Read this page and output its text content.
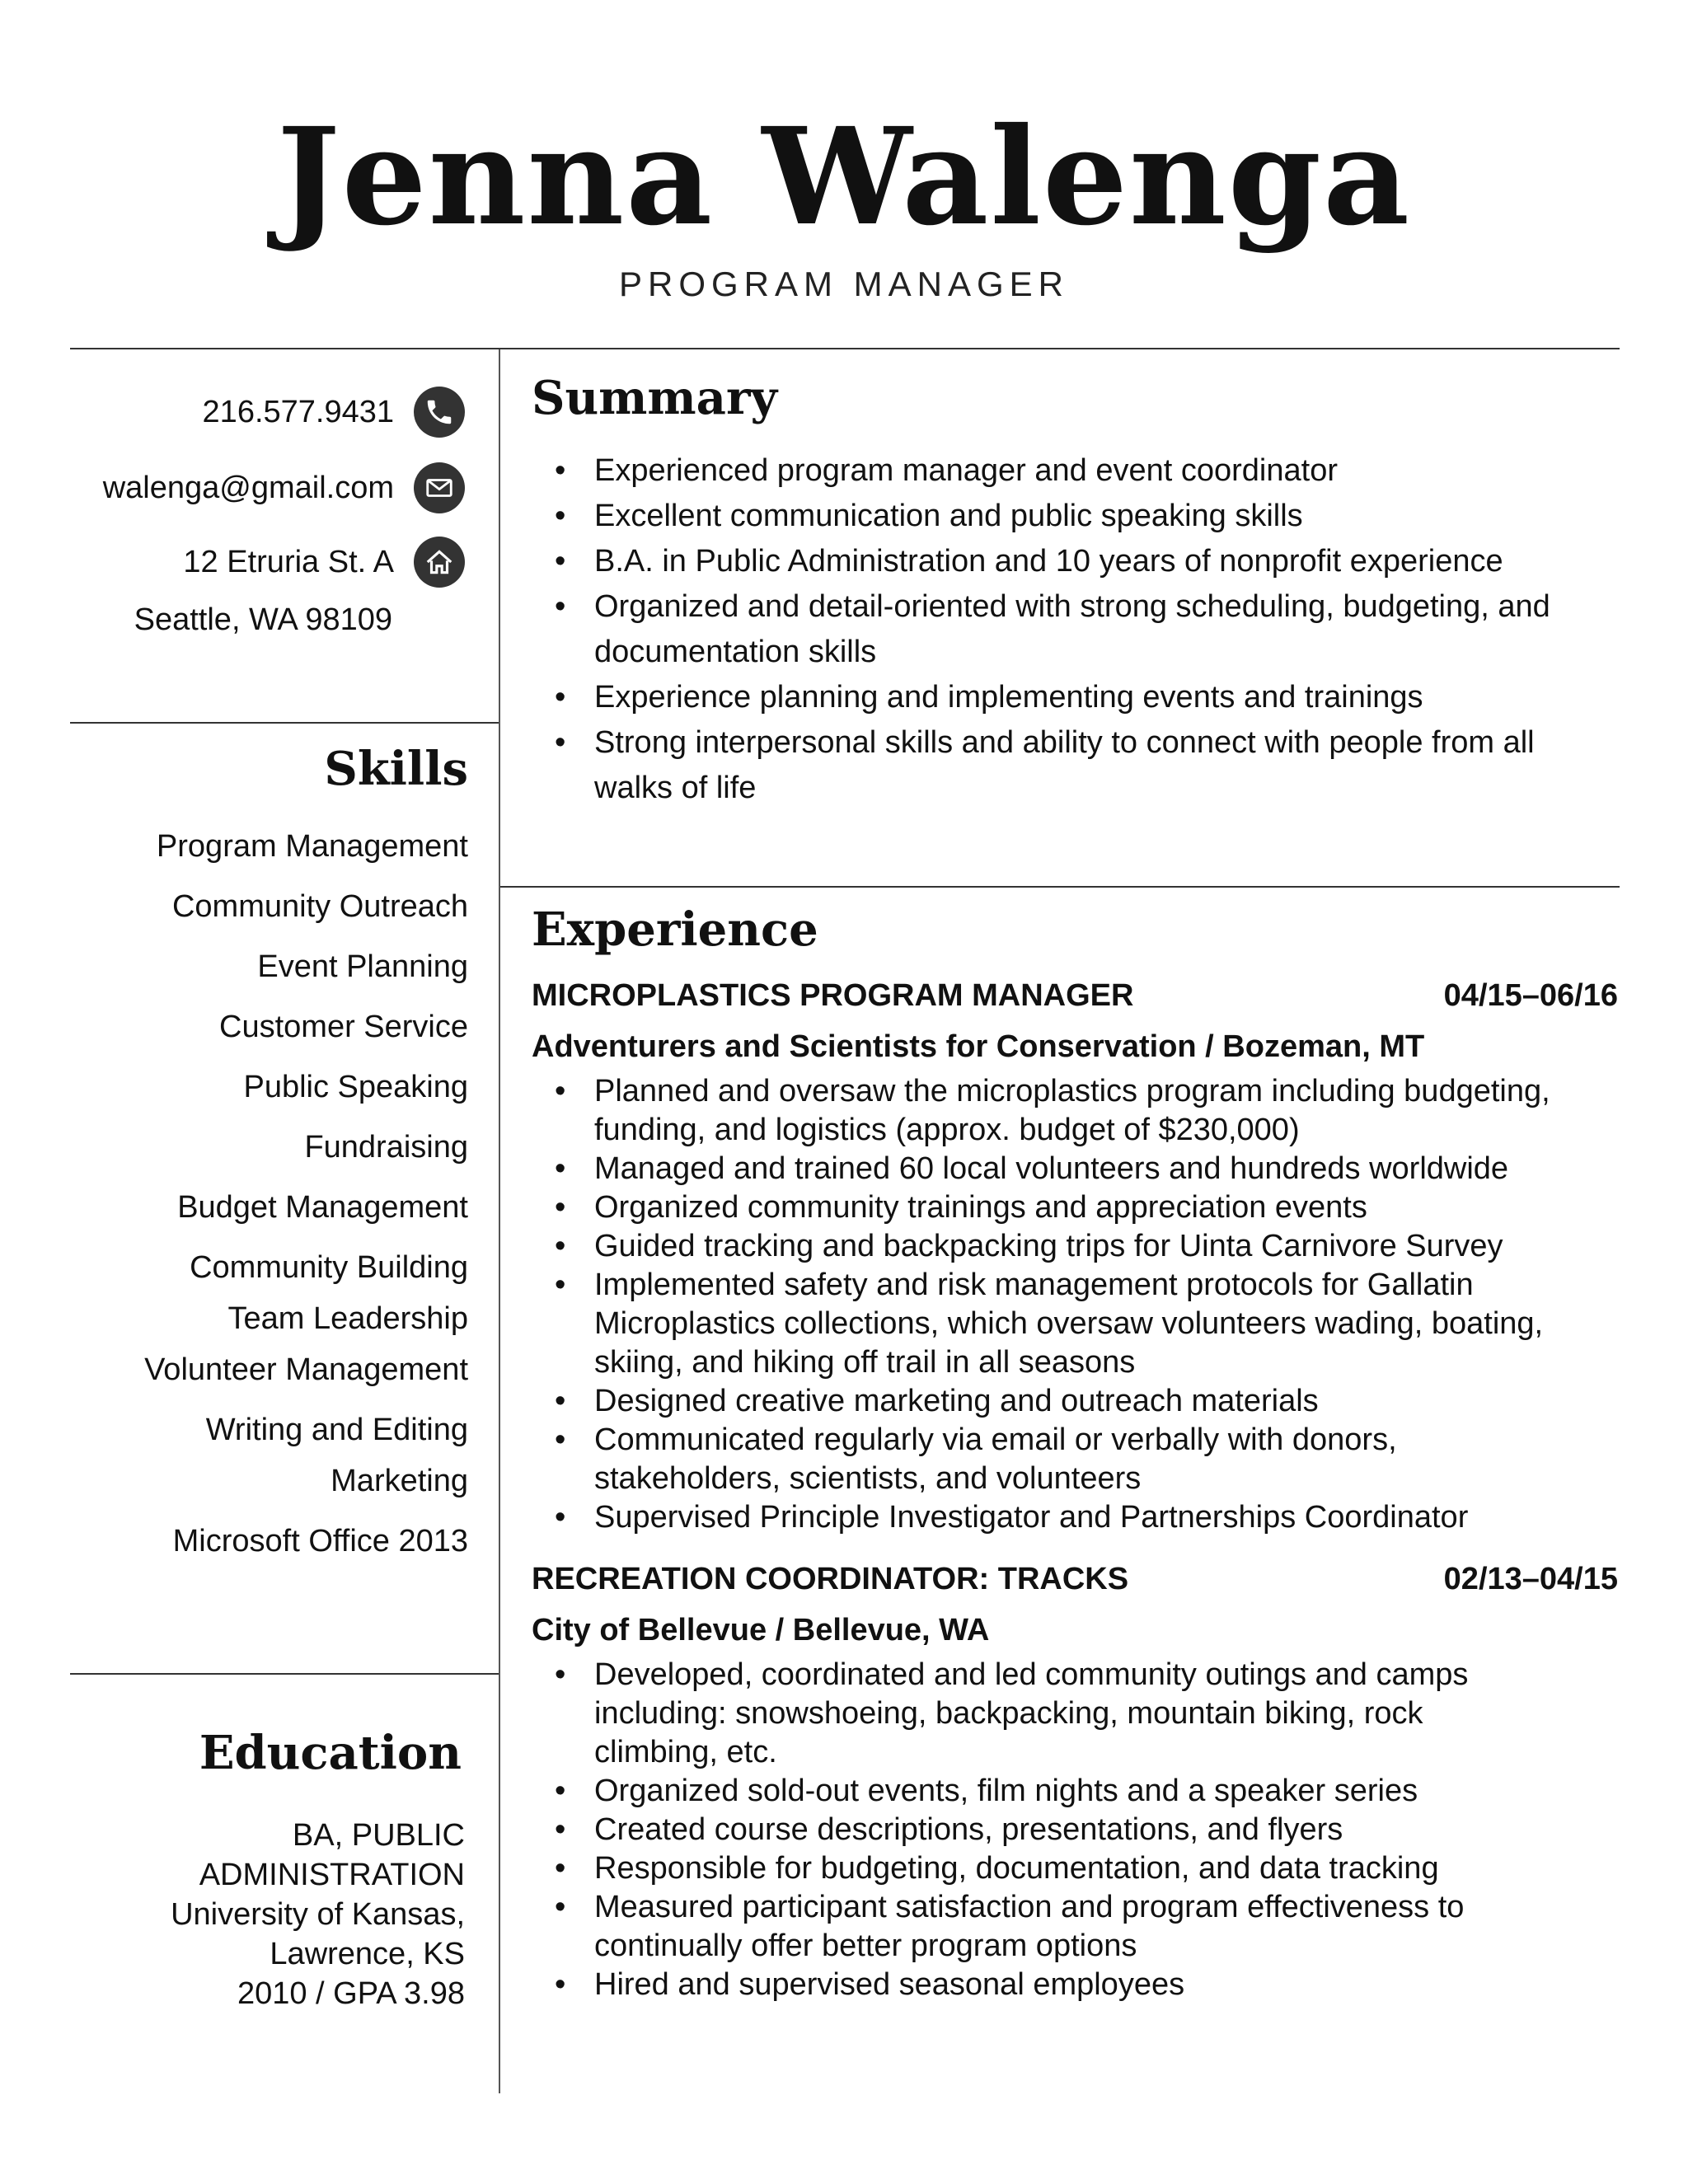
Jenna Walenga
PROGRAM MANAGER
216.577.9431
walenga@gmail.com
12 Etruria St. A
Seattle, WA 98109
Skills
Program Management
Community Outreach
Event Planning
Customer Service
Public Speaking
Fundraising
Budget Management
Community Building
Team Leadership
Volunteer Management
Writing and Editing
Marketing
Microsoft Office 2013
Education
BA, PUBLIC
ADMINISTRATION
University of Kansas,
Lawrence, KS
2010 / GPA 3.98
Summary
• Experienced program manager and event coordinator
• Excellent communication and public speaking skills
• B.A. in Public Administration and 10 years of nonprofit experience
• Organized and detail-oriented with strong scheduling, budgeting, and documentation skills
• Experience planning and implementing events and trainings
• Strong interpersonal skills and ability to connect with people from all walks of life
Experience
MICROPLASTICS PROGRAM MANAGER	04/15–06/16
Adventurers and Scientists for Conservation / Bozeman, MT
• Planned and oversaw the microplastics program including budgeting, funding, and logistics (approx. budget of $230,000)
• Managed and trained 60 local volunteers and hundreds worldwide
• Organized community trainings and appreciation events
• Guided tracking and backpacking trips for Uinta Carnivore Survey
• Implemented safety and risk management protocols for Gallatin Microplastics collections, which oversaw volunteers wading, boating, skiing, and hiking off trail in all seasons
• Designed creative marketing and outreach materials
• Communicated regularly via email or verbally with donors, stakeholders, scientists, and volunteers
• Supervised Principle Investigator and Partnerships Coordinator
RECREATION COORDINATOR: TRACKS	02/13–04/15
City of Bellevue / Bellevue, WA
• Developed, coordinated and led community outings and camps including: snowshoeing, backpacking, mountain biking, rock climbing, etc.
• Organized sold-out events, film nights and a speaker series
• Created course descriptions, presentations, and flyers
• Responsible for budgeting, documentation, and data tracking
• Measured participant satisfaction and program effectiveness to continually offer better program options
• Hired and supervised seasonal employees
